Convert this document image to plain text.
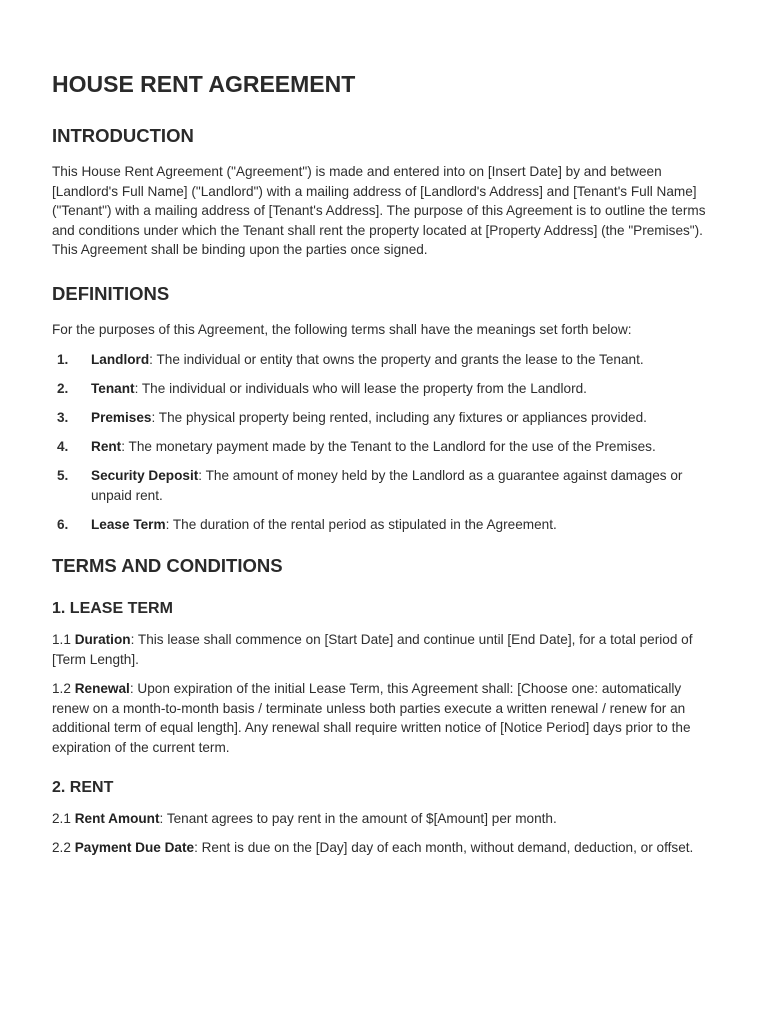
HOUSE RENT AGREEMENT
INTRODUCTION

This House Rent Agreement ("Agreement") is made and entered into on [Insert Date] by and between [Landlord's Full Name] ("Landlord") with a mailing address of [Landlord's Address] and [Tenant's Full Name] ("Tenant") with a mailing address of [Tenant's Address]. The purpose of this Agreement is to outline the terms and conditions under which the Tenant shall rent the property located at [Property Address] (the "Premises"). This Agreement shall be binding upon the parties once signed.

DEFINITIONS

For the purposes of this Agreement, the following terms shall have the meanings set forth below:

1. Landlord: The individual or entity that owns the property and grants the lease to the Tenant.
2. Tenant: The individual or individuals who will lease the property from the Landlord.
3. Premises: The physical property being rented, including any fixtures or appliances provided.
4. Rent: The monetary payment made by the Tenant to the Landlord for the use of the Premises.
5. Security Deposit: The amount of money held by the Landlord as a guarantee against damages or unpaid rent.
6. Lease Term: The duration of the rental period as stipulated in the Agreement.
TERMS AND CONDITIONS
1. LEASE TERM

1.1 Duration: This lease shall commence on [Start Date] and continue until [End Date], for a total period of [Term Length].

1.2 Renewal: Upon expiration of the initial Lease Term, this Agreement shall: [Choose one: automatically renew on a month-to-month basis / terminate unless both parties execute a written renewal / renew for an additional term of equal length]. Any renewal shall require written notice of [Notice Period] days prior to the expiration of the current term.

2. RENT

2.1 Rent Amount: Tenant agrees to pay rent in the amount of $[Amount] per month.

2.2 Payment Due Date: Rent is due on the [Day] day of each month, without demand, deduction, or offset.
